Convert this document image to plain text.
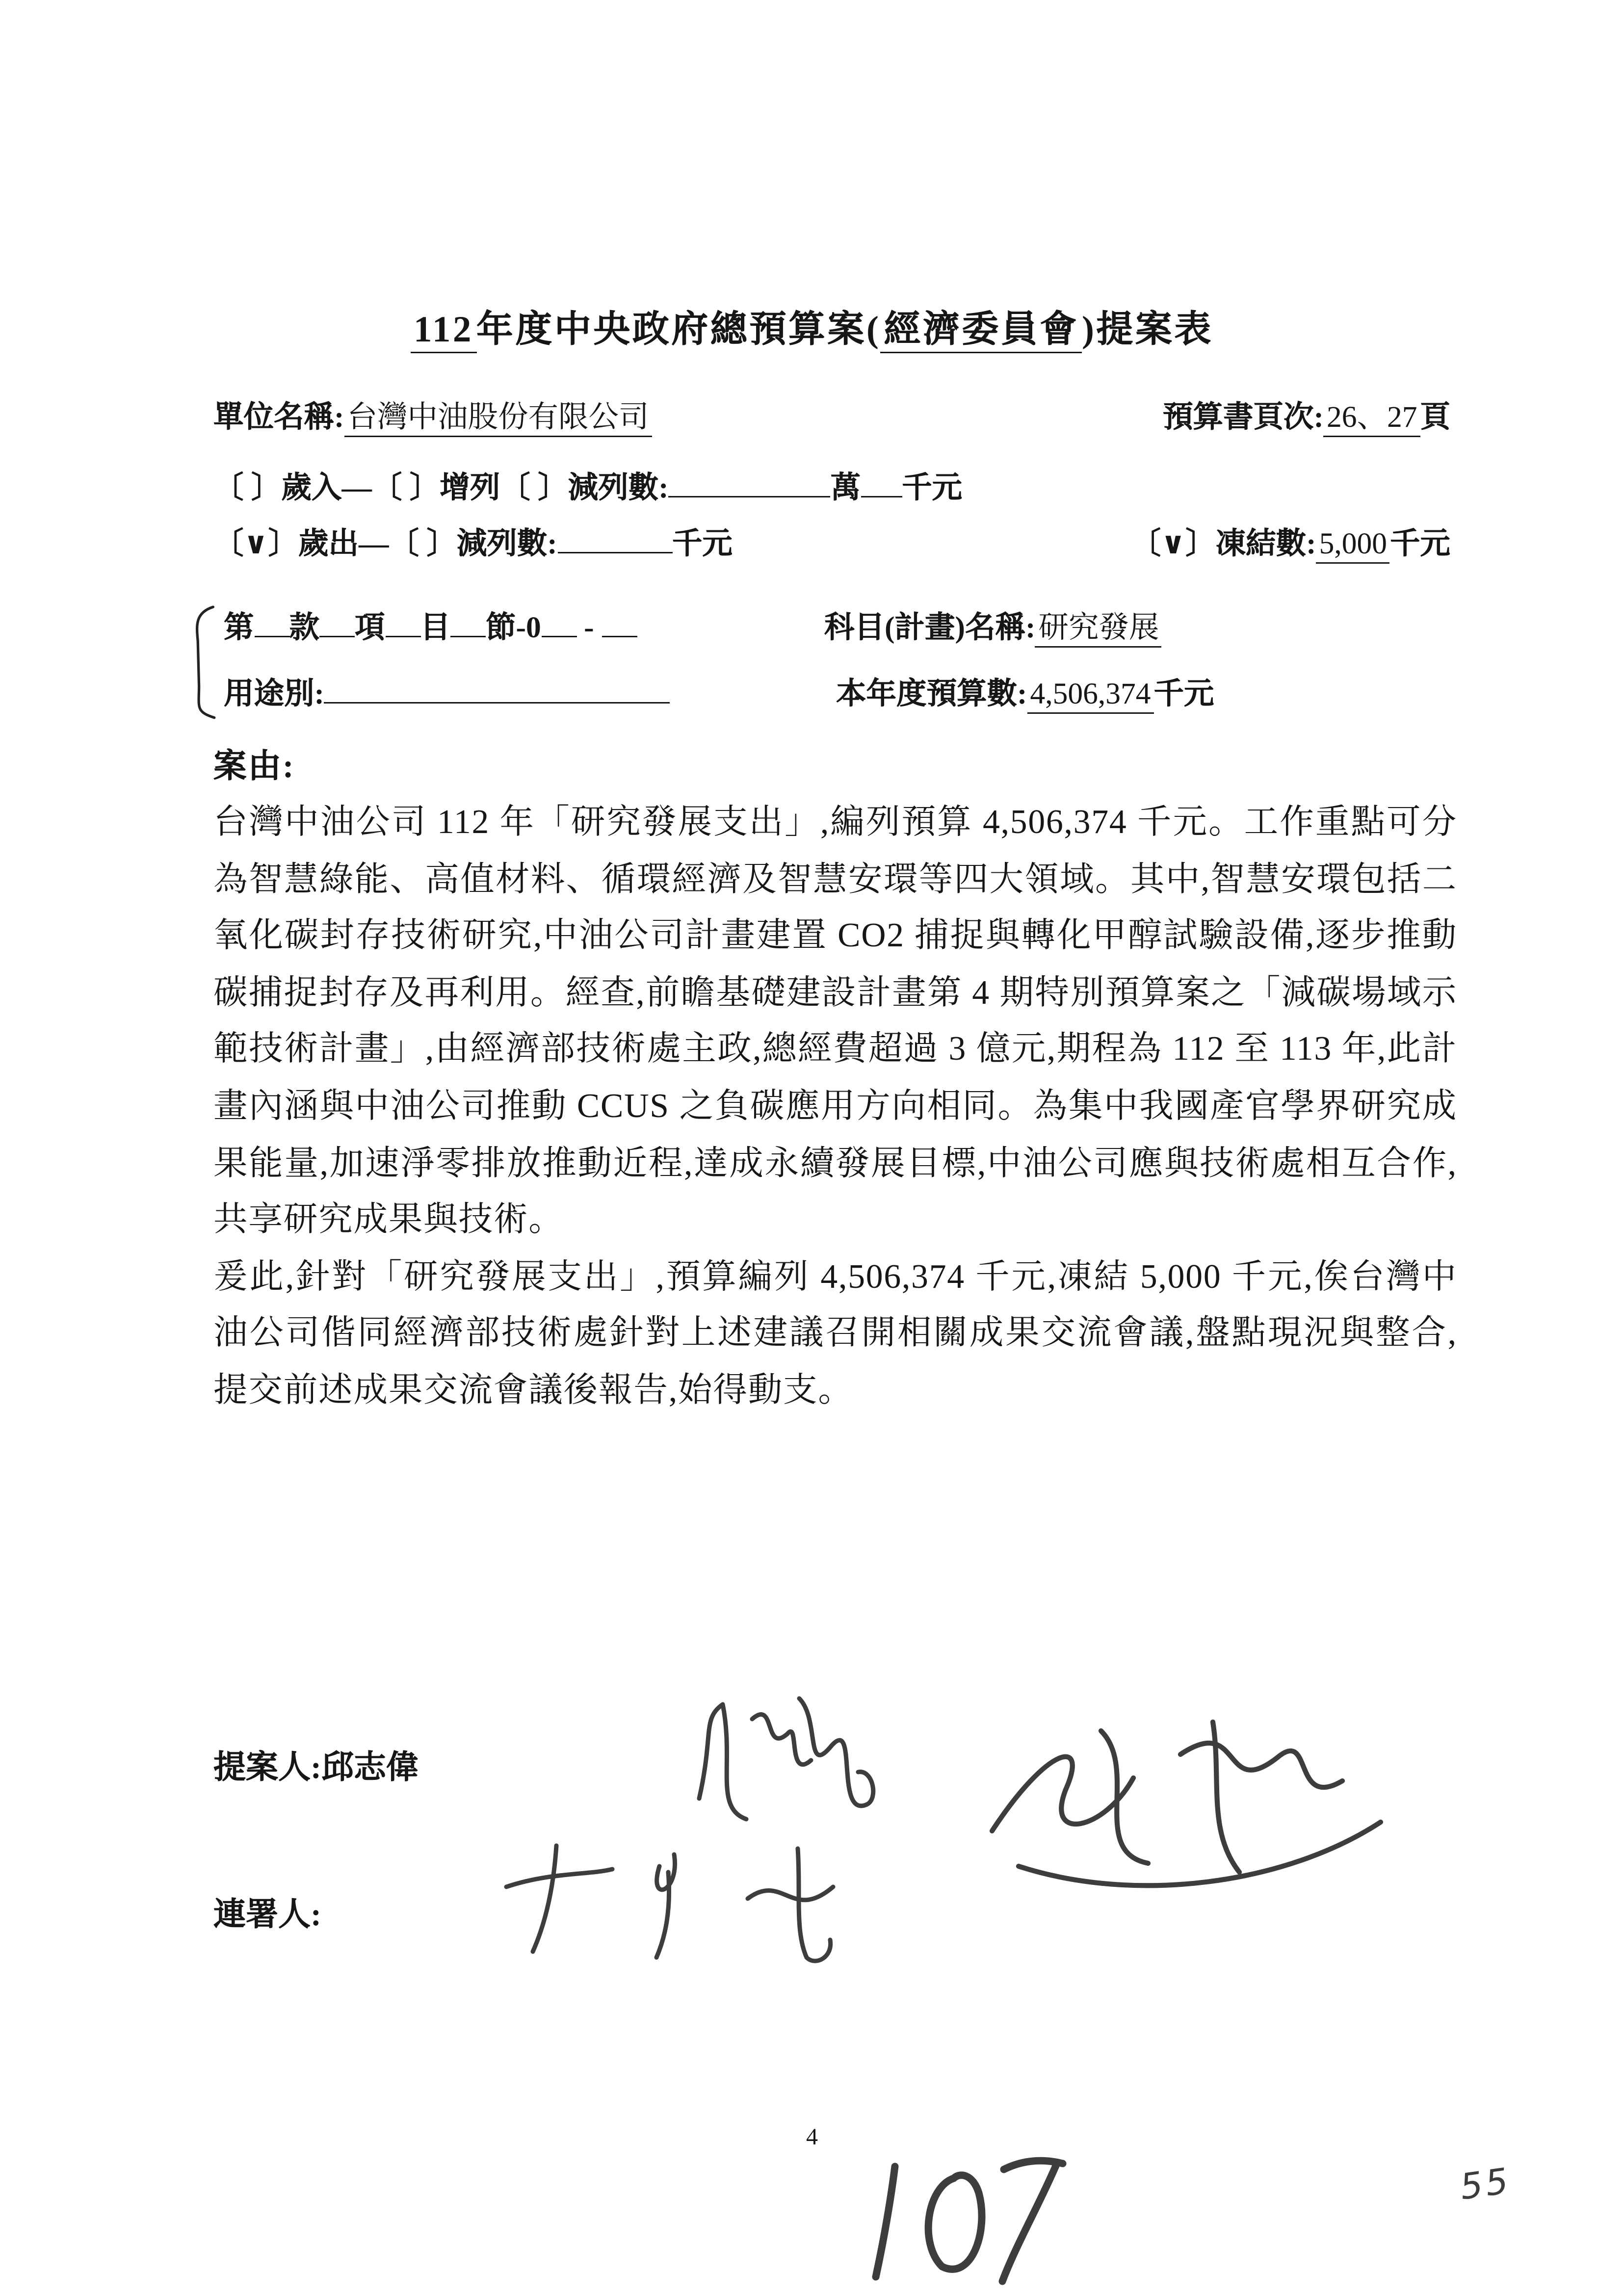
112 年度中央政府總預算案( 經濟委員會 )提案表
單位名稱: 台灣中油股份有限公司	預算書頁次: 26、27 頁
〔 〕歲入—〔 〕增列〔 〕減列數:	萬	千元
〔∨〕歲出—〔 〕減列數:	千元	〔∨〕凍結數: 5,000 千元
第	款	項	目	節-0	-	科目(計畫)名稱: 研究發展
用途別:	本年度預算數: 4,506,374 千元
案由:

台灣中油公司 112 年「研究發展支出」,編列預算 4,506,374 千元。工作重點可分為智慧綠能、高值材料、循環經濟及智慧安環等四大領域。其中,智慧安環包括二氧化碳封存技術研究,中油公司計畫建置 CO2 捕捉與轉化甲醇試驗設備,逐步推動碳捕捉封存及再利用。經查,前瞻基礎建設計畫第 4 期特別預算案之「減碳場域示範技術計畫」,由經濟部技術處主政,總經費超過 3 億元,期程為 112 至 113 年,此計畫內涵與中油公司推動 CCUS 之負碳應用方向相同。為集中我國產官學界研究成果能量,加速淨零排放推動近程,達成永續發展目標,中油公司應與技術處相互合作,共享研究成果與技術。

爰此,針對「研究發展支出」,預算編列 4,506,374 千元,凍結 5,000 千元,俟台灣中油公司偕同經濟部技術處針對上述建議召開相關成果交流會議,盤點現況與整合,提交前述成果交流會議後報告,始得動支。

提案人:邱志偉
連署人:
4
55
